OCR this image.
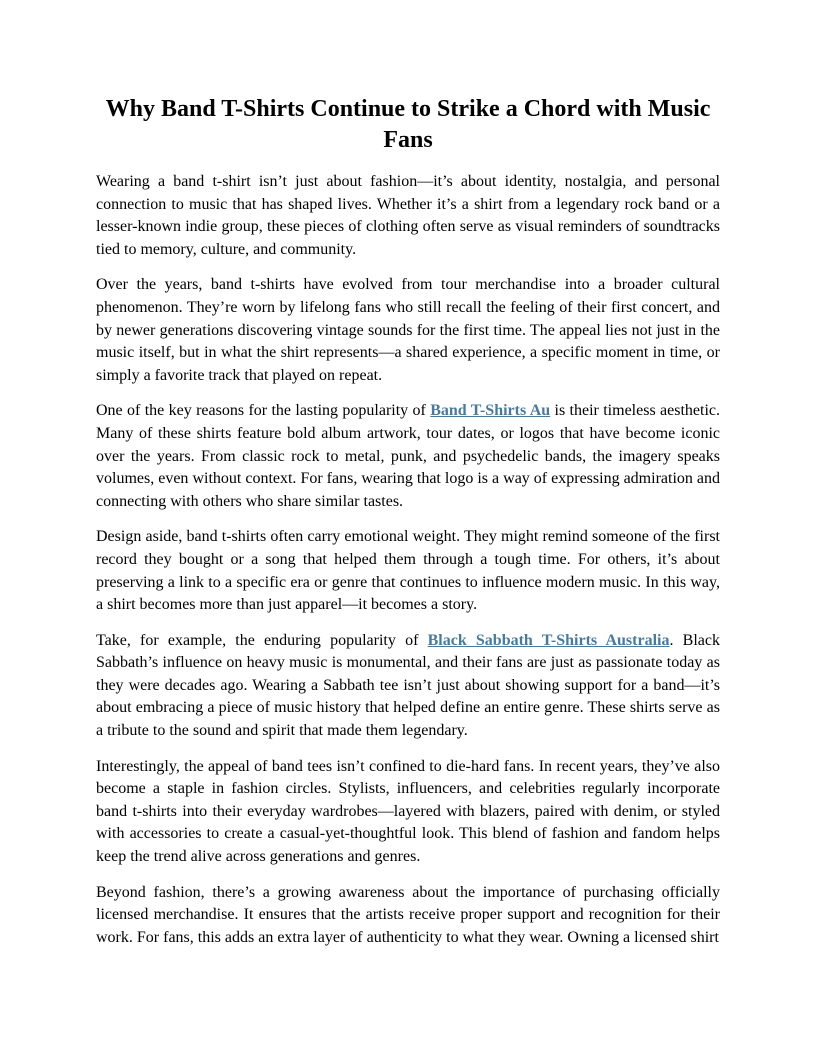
Why Band T-Shirts Continue to Strike a Chord with Music Fans

Wearing a band t-shirt isn’t just about fashion—it’s about identity, nostalgia, and personal connection to music that has shaped lives. Whether it’s a shirt from a legendary rock band or a lesser-known indie group, these pieces of clothing often serve as visual reminders of soundtracks tied to memory, culture, and community.

Over the years, band t-shirts have evolved from tour merchandise into a broader cultural phenomenon. They’re worn by lifelong fans who still recall the feeling of their first concert, and by newer generations discovering vintage sounds for the first time. The appeal lies not just in the music itself, but in what the shirt represents—a shared experience, a specific moment in time, or simply a favorite track that played on repeat.

One of the key reasons for the lasting popularity of Band T-Shirts Au is their timeless aesthetic. Many of these shirts feature bold album artwork, tour dates, or logos that have become iconic over the years. From classic rock to metal, punk, and psychedelic bands, the imagery speaks volumes, even without context. For fans, wearing that logo is a way of expressing admiration and connecting with others who share similar tastes.

Design aside, band t-shirts often carry emotional weight. They might remind someone of the first record they bought or a song that helped them through a tough time. For others, it’s about preserving a link to a specific era or genre that continues to influence modern music. In this way, a shirt becomes more than just apparel—it becomes a story.

Take, for example, the enduring popularity of Black Sabbath T-Shirts Australia. Black Sabbath’s influence on heavy music is monumental, and their fans are just as passionate today as they were decades ago. Wearing a Sabbath tee isn’t just about showing support for a band—it’s about embracing a piece of music history that helped define an entire genre. These shirts serve as a tribute to the sound and spirit that made them legendary.

Interestingly, the appeal of band tees isn’t confined to die-hard fans. In recent years, they’ve also become a staple in fashion circles. Stylists, influencers, and celebrities regularly incorporate band t-shirts into their everyday wardrobes—layered with blazers, paired with denim, or styled with accessories to create a casual-yet-thoughtful look. This blend of fashion and fandom helps keep the trend alive across generations and genres.

Beyond fashion, there’s a growing awareness about the importance of purchasing officially licensed merchandise. It ensures that the artists receive proper support and recognition for their work. For fans, this adds an extra layer of authenticity to what they wear. Owning a licensed shirt
